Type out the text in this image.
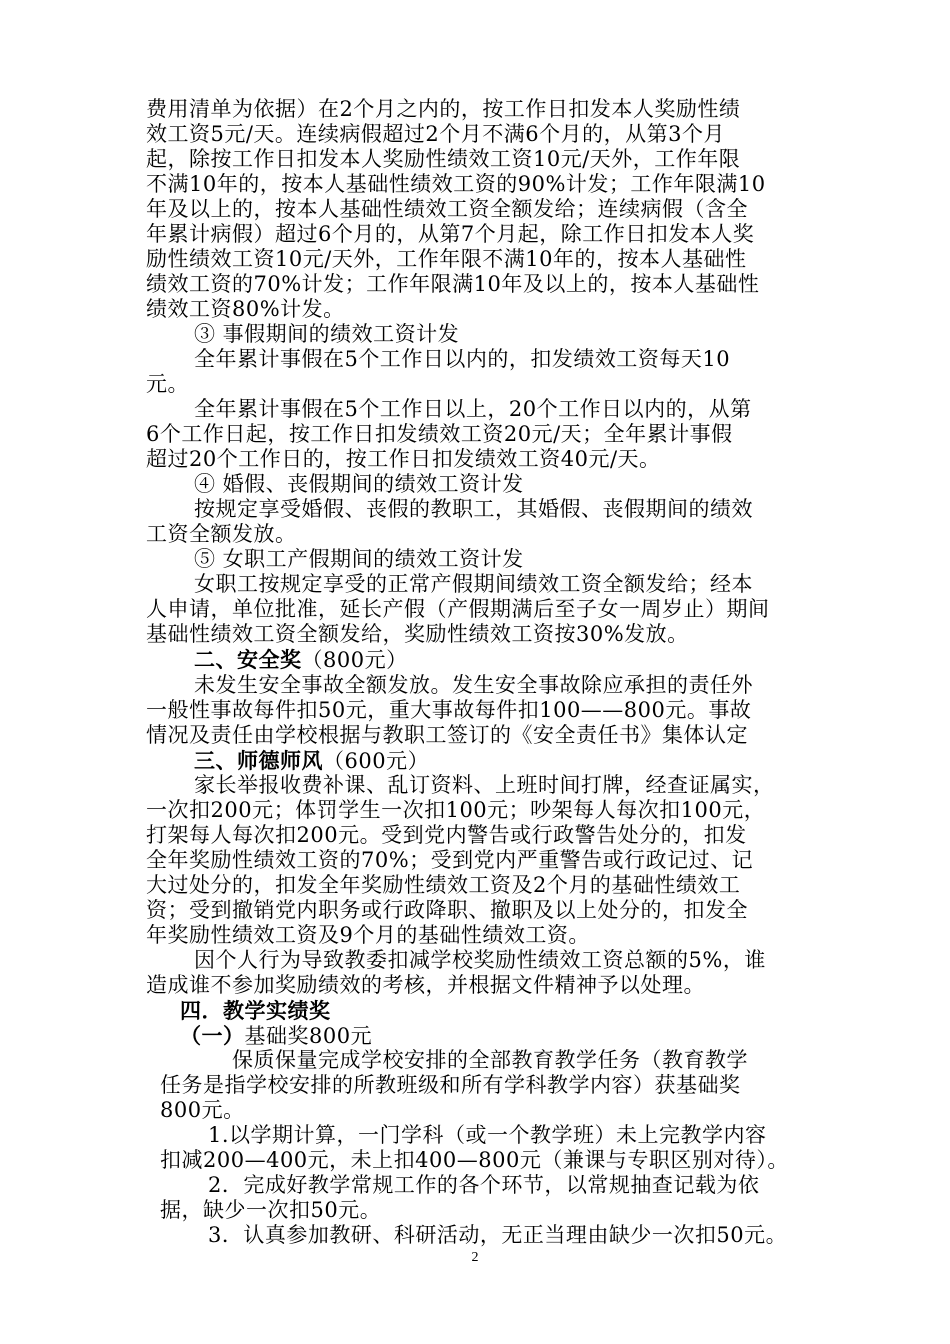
费用清单为依据）在2个月之内的，按工作日扣发本人奖励性绩
效工资5元/天。连续病假超过2个月不满6个月的，从第3个月
起，除按工作日扣发本人奖励性绩效工资10元/天外，工作年限
不满10年的，按本人基础性绩效工资的90%计发；工作年限满10
年及以上的，按本人基础性绩效工资全额发给；连续病假（含全
年累计病假）超过6个月的，从第7个月起，除工作日扣发本人奖
励性绩效工资10元/天外，工作年限不满10年的，按本人基础性
绩效工资的70%计发；工作年限满10年及以上的，按本人基础性
绩效工资80%计发。
③ 事假期间的绩效工资计发
全年累计事假在5个工作日以内的，扣发绩效工资每天10
元。
全年累计事假在5个工作日以上，20个工作日以内的，从第
6个工作日起，按工作日扣发绩效工资20元/天；全年累计事假
超过20个工作日的，按工作日扣发绩效工资40元/天。
④ 婚假、丧假期间的绩效工资计发
按规定享受婚假、丧假的教职工，其婚假、丧假期间的绩效
工资全额发放。
⑤ 女职工产假期间的绩效工资计发
女职工按规定享受的正常产假期间绩效工资全额发给；经本
人申请，单位批准，延长产假（产假期满后至子女一周岁止）期间
基础性绩效工资全额发给，奖励性绩效工资按30%发放。
二、安全奖（800元）
未发生安全事故全额发放。发生安全事故除应承担的责任外
一般性事故每件扣50元，重大事故每件扣100——800元。事故
情况及责任由学校根据与教职工签订的《安全责任书》集体认定
三、师德师风（600元）
家长举报收费补课、乱订资料、上班时间打牌，经查证属实，
一次扣200元；体罚学生一次扣100元；吵架每人每次扣100元，
打架每人每次扣200元。受到党内警告或行政警告处分的，扣发
全年奖励性绩效工资的70%；受到党内严重警告或行政记过、记
大过处分的，扣发全年奖励性绩效工资及2个月的基础性绩效工
资；受到撤销党内职务或行政降职、撤职及以上处分的，扣发全
年奖励性绩效工资及9个月的基础性绩效工资。
因个人行为导致教委扣减学校奖励性绩效工资总额的5%，谁
造成谁不参加奖励绩效的考核，并根据文件精神予以处理。
四．教学实绩奖
（一）基础奖800元
保质保量完成学校安排的全部教育教学任务（教育教学
任务是指学校安排的所教班级和所有学科教学内容）获基础奖
800元。
1.以学期计算，一门学科（或一个教学班）未上完教学内容
扣减200—400元，未上扣400—800元（兼课与专职区别对待）。
2．完成好教学常规工作的各个环节，以常规抽查记载为依
据，缺少一次扣50元。
3．认真参加教研、科研活动，无正当理由缺少一次扣50元。
2
